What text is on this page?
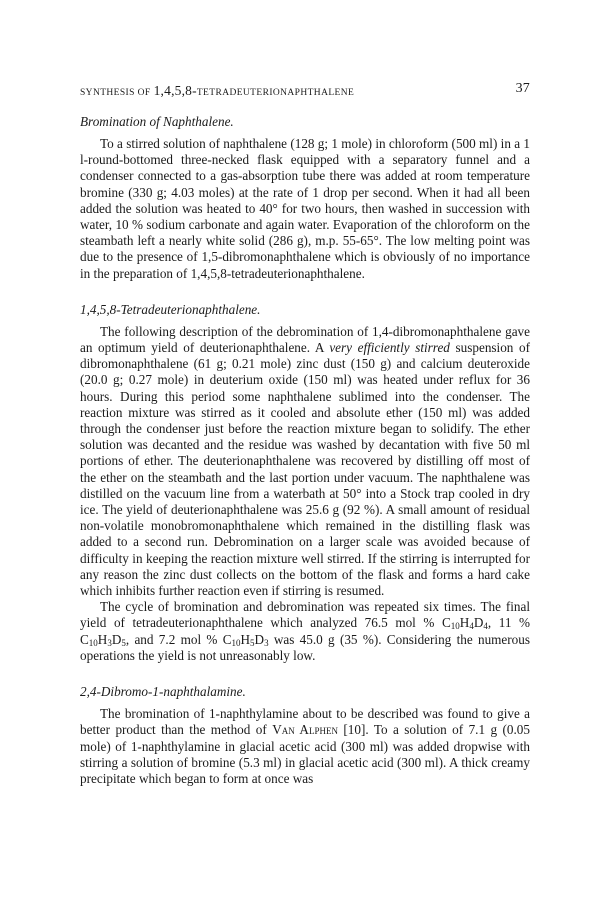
SYNTHESIS OF 1,4,5,8-TETRADEUTERIONAPHTHALENE	37

Bromination of Naphthalene.

To a stirred solution of naphthalene (128 g; 1 mole) in chloroform (500 ml) in a 1 l-round-bottomed three-necked flask equipped with a separatory funnel and a condenser connected to a gas-absorption tube there was added at room temperature bromine (330 g; 4.03 moles) at the rate of 1 drop per second. When it had all been added the solution was heated to 40° for two hours, then washed in succession with water, 10 % sodium carbonate and again water. Evaporation of the chloroform on the steambath left a nearly white solid (286 g), m.p. 55-65°. The low melting point was due to the presence of 1,5-dibromonaphthalene which is obviously of no importance in the preparation of 1,4,5,8-tetradeuterionaphthalene.

1,4,5,8-Tetradeuterionaphthalene.

The following description of the debromination of 1,4-dibromonaphthalene gave an optimum yield of deuterionaphthalene. A very efficiently stirred suspension of dibromonaphthalene (61 g; 0.21 mole) zinc dust (150 g) and calcium deuteroxide (20.0 g; 0.27 mole) in deuterium oxide (150 ml) was heated under reflux for 36 hours. During this period some naphthalene sublimed into the condenser. The reaction mixture was stirred as it cooled and absolute ether (150 ml) was added through the condenser just before the reaction mixture began to solidify. The ether solution was decanted and the residue was washed by decantation with five 50 ml portions of ether. The deuterionaphthalene was recovered by distilling off most of the ether on the steambath and the last portion under vacuum. The naphthalene was distilled on the vacuum line from a waterbath at 50° into a Stock trap cooled in dry ice. The yield of deuterionaphthalene was 25.6 g (92 %). A small amount of residual non-volatile monobromonaphthalene which remained in the distilling flask was added to a second run. Debromination on a larger scale was avoided because of difficulty in keeping the reaction mixture well stirred. If the stirring is interrupted for any reason the zinc dust collects on the bottom of the flask and forms a hard cake which inhibits further reaction even if stirring is resumed.

The cycle of bromination and debromination was repeated six times. The final yield of tetradeuterionaphthalene which analyzed 76.5 mol % $C_{10}H_4D_4$, 11 % $C_{10}H_3D_5$, and 7.2 mol % $C_{10}H_5D_3$ was 45.0 g (35 %). Considering the numerous operations the yield is not unreasonably low.

2,4-Dibromo-1-naphthalamine.

The bromination of 1-naphthylamine about to be described was found to give a better product than the method of Van Alphen [10]. To a solution of 7.1 g (0.05 mole) of 1-naphthylamine in glacial acetic acid (300 ml) was added dropwise with stirring a solution of bromine (5.3 ml) in glacial acetic acid (300 ml). A thick creamy precipitate which began to form at once was
